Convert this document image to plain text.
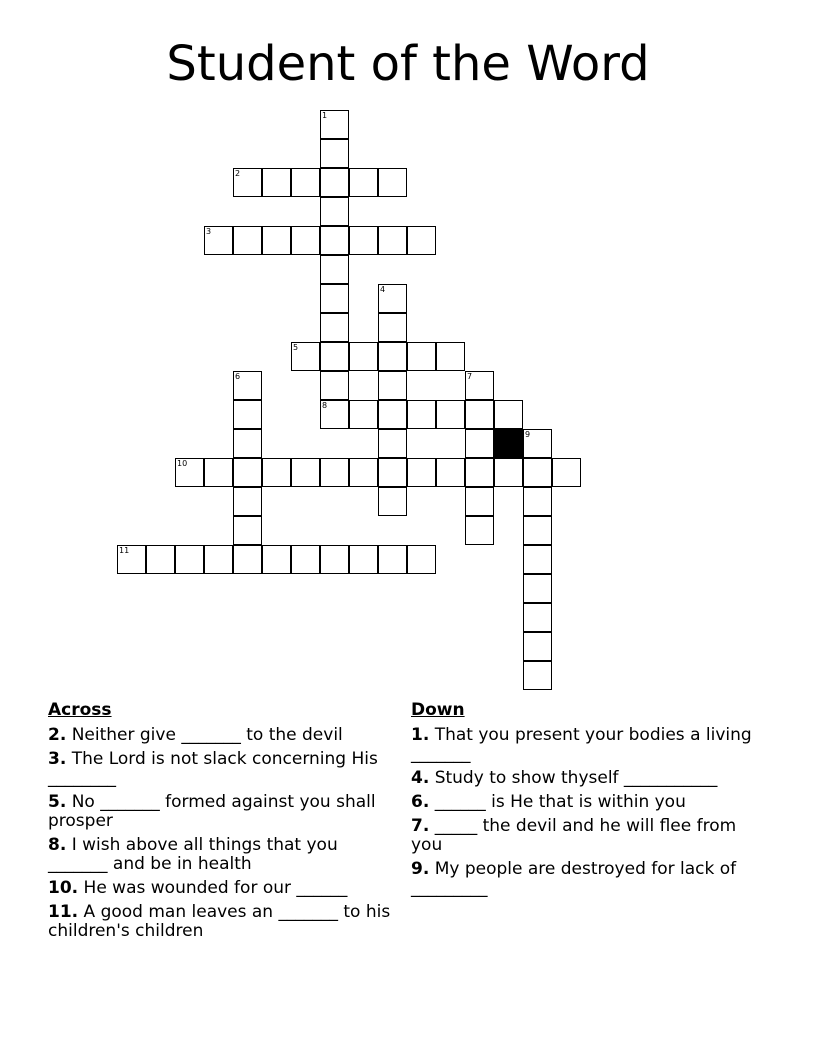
Student of the Word
2
3
5
8
10
11
1
4
6	7
9
Across
2. Neither give _______ to the devil
3. The Lord is not slack concerning His ________
5. No _______ formed against you shall prosper
8. I wish above all things that you _______ and be in health
10. He was wounded for our ______
11. A good man leaves an _______ to his children's children
Down
1. That you present your bodies a living _______
4. Study to show thyself ___________
6. ______ is He that is within you
7. _____ the devil and he will flee from you
9. My people are destroyed for lack of _________
